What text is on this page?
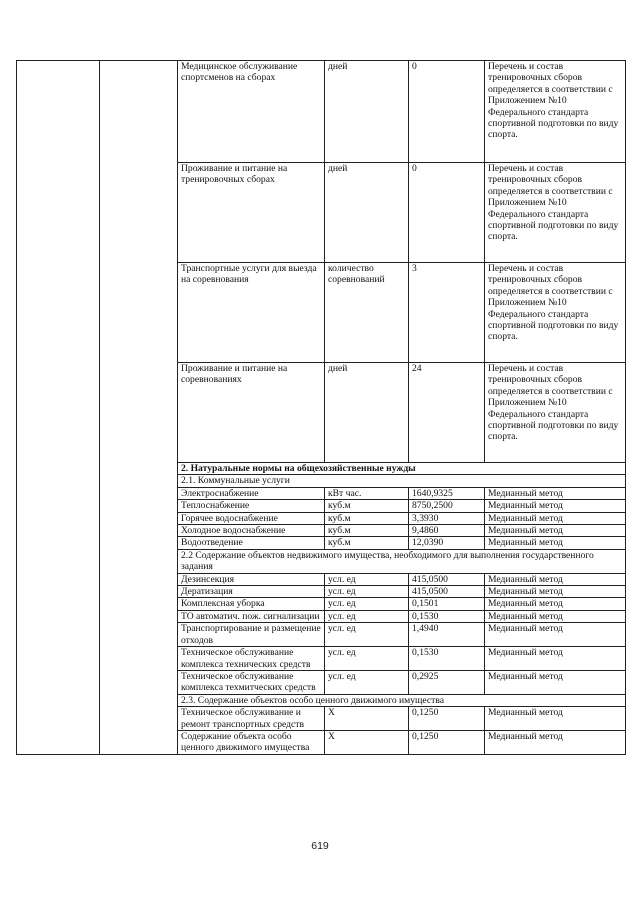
		Медицинское обслуживание спортсменов на сборах	дней	0	Перечень и состав тренировочных сборов определяется в соответствии с Приложением №10 Федерального стандарта спортивной подготовки по виду спорта.
		Проживание и питание на тренировочных сборах	дней	0	Перечень и состав тренировочных сборов определяется в соответствии с Приложением №10 Федерального стандарта спортивной подготовки по виду спорта.
		Транспортные услуги для выезда на соревнования	количество соревнований	3	Перечень и состав тренировочных сборов определяется в соответствии с Приложением №10 Федерального стандарта спортивной подготовки по виду спорта.
		Проживание и питание на соревнованиях	дней	24	Перечень и состав тренировочных сборов определяется в соответствии с Приложением №10 Федерального стандарта спортивной подготовки по виду спорта.
		2. Натуральные нормы на общехозяйственные нужды			
		2.1. Коммунальные услуги			
		Электроснабжение	кВт час.	1640,9325	Медианный метод
		Теплоснабжение	куб.м	8750,2500	Медианный метод
		Горячее водоснабжение	куб.м	3,3930	Медианный метод
		Холодное водоснабжение	куб.м	9,4860	Медианный метод
		Водоотведение	куб.м	12,0390	Медианный метод
		2.2 Содержание объектов недвижимого имущества, необходимого для выполнения государственного задания			
		Дезинсекция	усл. ед	415,0500	Медианный метод
		Дератизация	усл. ед	415,0500	Медианный метод
		Комплексная уборка	усл. ед	0,1501	Медианный метод
		ТО автоматич. пож. сигнализации	усл. ед	0,1530	Медианный метод
		Транспортирование и размещение отходов	усл. ед	1,4940	Медианный метод
		Техническое обслуживание комплекса технических средств	усл. ед	0,1530	Медианный метод
		Техническое обслуживание комплекса техмитческих средств	усл. ед	0,2925	Медианный метод
		2.3. Содержание объектов особо ценного движимого имущества			
		Техническое обслуживание и ремонт транспортных средств	Х	0,1250	Медианный метод
		Содержание объекта особо ценного движимого имущества	Х	0,1250	Медианный метод
619
